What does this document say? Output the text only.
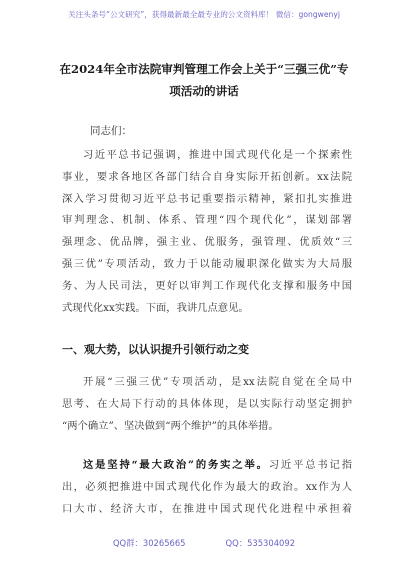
关注头条号“公文研究”，获得最新最全最专业的公文资料库！ 微信：gongwenyj
在2024年全市法院审判管理工作会上关于“三强三优”专
项活动的讲话
同志们：
习近平总书记强调，推进中国式现代化是一个探索性
事业，要求各地区各部门结合自身实际开拓创新。xx法院
深入学习贯彻习近平总书记重要指示精神，紧扣扎实推进
审判理念、机制、体系、管理“四个现代化”，谋划部署
强理念、优品牌，强主业、优服务，强管理、优质效“三
强三优”专项活动，致力于以能动履职深化做实为大局服
务、为人民司法，更好以审判工作现代化支撑和服务中国
式现代化xx实践。下面，我讲几点意见。
一、观大势，以认识提升引领行动之变
开展“三强三优”专项活动，是xx法院自觉在全局中
思考、在大局下行动的具体体现，是以实际行动坚定拥护
“两个确立”、坚决做到“两个维护”的具体举措。
这是坚持“最大政治”的务实之举。习近平总书记指
出，必须把推进中国式现代化作为最大的政治。xx作为人
口大市、经济大市，在推进中国式现代化进程中承担着
QQ群：30265665	QQ：535304092
